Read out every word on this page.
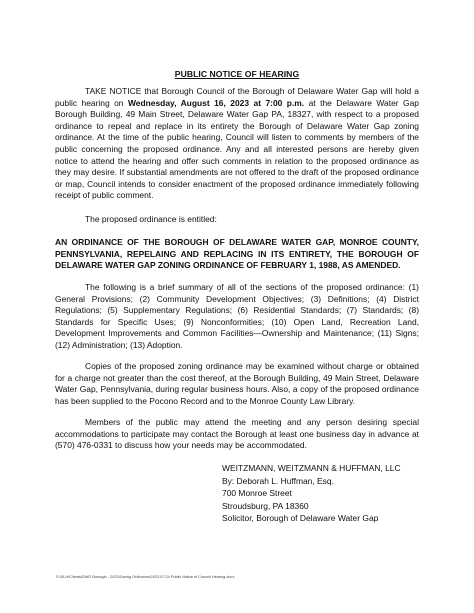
PUBLIC NOTICE OF HEARING

TAKE NOTICE that Borough Council of the Borough of Delaware Water Gap will hold a public hearing on Wednesday, August 16, 2023 at 7:00 p.m. at the Delaware Water Gap Borough Building, 49 Main Street, Delaware Water Gap PA, 18327, with respect to a proposed ordinance to repeal and replace in its entirety the Borough of Delaware Water Gap zoning ordinance. At the time of the public hearing, Council will listen to comments by members of the public concerning the proposed ordinance. Any and all interested persons are hereby given notice to attend the hearing and offer such comments in relation to the proposed ordinance as they may desire. If substantial amendments are not offered to the draft of the proposed ordinance or map, Council intends to consider enactment of the proposed ordinance immediately following receipt of public comment.

The proposed ordinance is entitled:

AN ORDINANCE OF THE BOROUGH OF DELAWARE WATER GAP, MONROE COUNTY, PENNSYLVANIA, REPELAING AND REPLACING IN ITS ENTIRETY, THE BOROUGH OF DELAWARE WATER GAP ZONING ORDINANCE OF FEBRUARY 1, 1988, AS AMENDED.

The following is a brief summary of all of the sections of the proposed ordinance: (1) General Provisions; (2) Community Development Objectives; (3) Definitions; (4) District Regulations; (5) Supplementary Regulations; (6) Residential Standards; (7) Standards; (8) Standards for Specific Uses; (9) Nonconformities; (10) Open Land, Recreation Land, Development Improvements and Common Facilities—Ownership and Maintenance; (11) Signs; (12) Administration; (13) Adoption.

Copies of the proposed zoning ordinance may be examined without charge or obtained for a charge not greater than the cost thereof, at the Borough Building, 49 Main Street, Delaware Water Gap, Pennsylvania, during regular business hours. Also, a copy of the proposed ordinance has been supplied to the Pocono Record and to the Monroe County Law Library.

Members of the public may attend the meeting and any person desiring special accommodations to participate may contact the Borough at least one business day in advance at (570) 476-0331 to discuss how your needs may be accommodated.

WEITZMANN, WEITZMANN & HUFFMAN, LLC
By: Deborah L. Huffman, Esq.
700 Monroe Street
Stroudsburg, PA 18360
Solicitor, Borough of Delaware Water Gap
S:\DLH\Clients\DWG Borough - 2023\Zoning Ordinance\2023.07.24 Public Notice of Council Hearing.docx
